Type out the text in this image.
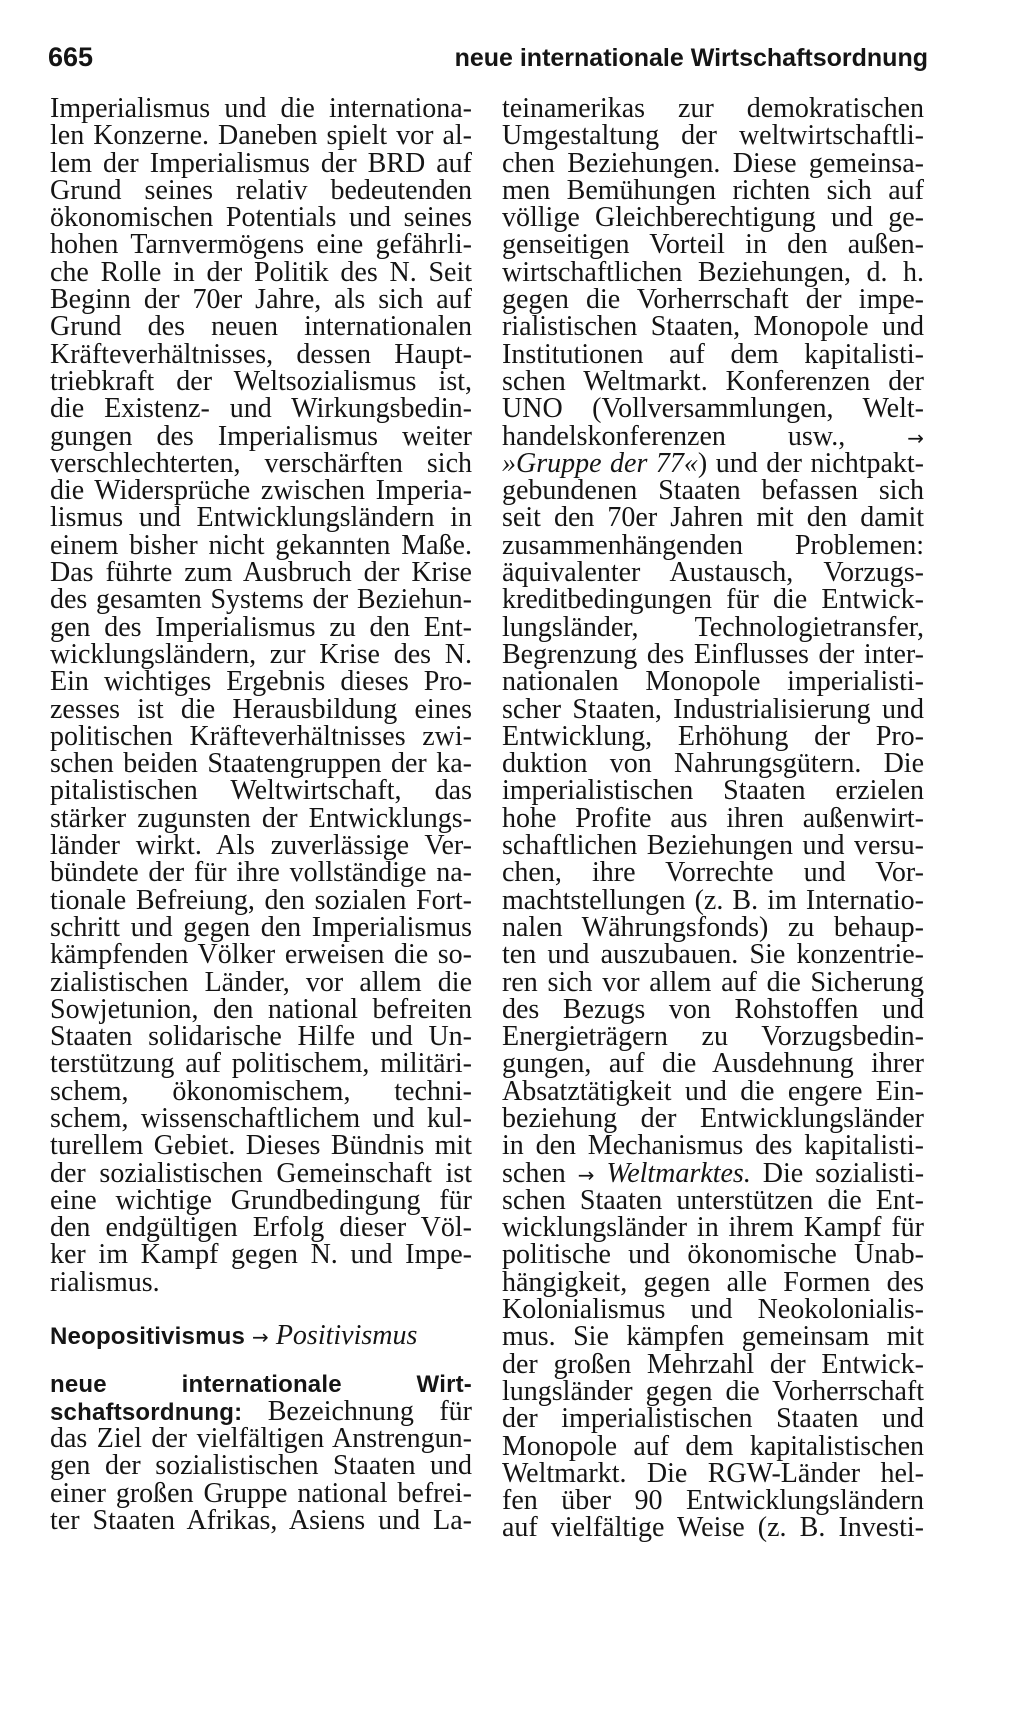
665	neue internationale Wirtschaftsordnung
Imperialismus und die internationa-
len Konzerne. Daneben spielt vor al-
lem der Imperialismus der BRD auf
Grund seines relativ bedeutenden
ökonomischen Potentials und seines
hohen Tarnvermögens eine gefährli-
che Rolle in der Politik des N. Seit
Beginn der 70er Jahre, als sich auf
Grund des neuen internationalen
Kräfteverhältnisses, dessen Haupt-
triebkraft der Weltsozialismus ist,
die Existenz- und Wirkungsbedin-
gungen des Imperialismus weiter
verschlechterten, verschärften sich
die Widersprüche zwischen Imperia-
lismus und Entwicklungsländern in
einem bisher nicht gekannten Maße.
Das führte zum Ausbruch der Krise
des gesamten Systems der Beziehun-
gen des Imperialismus zu den Ent-
wicklungsländern, zur Krise des N.
Ein wichtiges Ergebnis dieses Pro-
zesses ist die Herausbildung eines
politischen Kräfteverhältnisses zwi-
schen beiden Staatengruppen der ka-
pitalistischen Weltwirtschaft, das
stärker zugunsten der Entwicklungs-
länder wirkt. Als zuverlässige Ver-
bündete der für ihre vollständige na-
tionale Befreiung, den sozialen Fort-
schritt und gegen den Imperialismus
kämpfenden Völker erweisen die so-
zialistischen Länder, vor allem die
Sowjetunion, den national befreiten
Staaten solidarische Hilfe und Un-
terstützung auf politischem, militäri-
schem, ökonomischem, techni-
schem, wissenschaftlichem und kul-
turellem Gebiet. Dieses Bündnis mit
der sozialistischen Gemeinschaft ist
eine wichtige Grundbedingung für
den endgültigen Erfolg dieser Völ-
ker im Kampf gegen N. und Impe-
rialismus.
Neopositivismus → Positivismus
neue internationale Wirt-
schaftsordnung: Bezeichnung für
das Ziel der vielfältigen Anstrengun-
gen der sozialistischen Staaten und
einer großen Gruppe national befrei-
ter Staaten Afrikas, Asiens und La-
teinamerikas zur demokratischen
Umgestaltung der weltwirtschaftli-
chen Beziehungen. Diese gemeinsa-
men Bemühungen richten sich auf
völlige Gleichberechtigung und ge-
genseitigen Vorteil in den außen-
wirtschaftlichen Beziehungen, d. h.
gegen die Vorherrschaft der impe-
rialistischen Staaten, Monopole und
Institutionen auf dem kapitalisti-
schen Weltmarkt. Konferenzen der
UNO (Vollversammlungen, Welt-
handelskonferenzen usw.,	→
»Gruppe der 77«) und der nichtpakt-
gebundenen Staaten befassen sich
seit den 70er Jahren mit den damit
zusammenhängenden Problemen:
äquivalenter Austausch, Vorzugs-
kreditbedingungen für die Entwick-
lungsländer, Technologietransfer,
Begrenzung des Einflusses der inter-
nationalen Monopole imperialisti-
scher Staaten, Industrialisierung und
Entwicklung, Erhöhung der Pro-
duktion von Nahrungsgütern. Die
imperialistischen Staaten erzielen
hohe Profite aus ihren außenwirt-
schaftlichen Beziehungen und versu-
chen, ihre Vorrechte und Vor-
machtstellungen (z. B. im Internatio-
nalen Währungsfonds) zu behaup-
ten und auszubauen. Sie konzentrie-
ren sich vor allem auf die Sicherung
des Bezugs von Rohstoffen und
Energieträgern zu Vorzugsbedin-
gungen, auf die Ausdehnung ihrer
Absatztätigkeit und die engere Ein-
beziehung der Entwicklungsländer
in den Mechanismus des kapitalisti-
schen → Weltmarktes. Die sozialisti-
schen Staaten unterstützen die Ent-
wicklungsländer in ihrem Kampf für
politische und ökonomische Unab-
hängigkeit, gegen alle Formen des
Kolonialismus und Neokolonialis-
mus. Sie kämpfen gemeinsam mit
der großen Mehrzahl der Entwick-
lungsländer gegen die Vorherrschaft
der imperialistischen Staaten und
Monopole auf dem kapitalistischen
Weltmarkt. Die RGW-Länder hel-
fen über 90 Entwicklungsländern
auf vielfältige Weise (z. B. Investi-
